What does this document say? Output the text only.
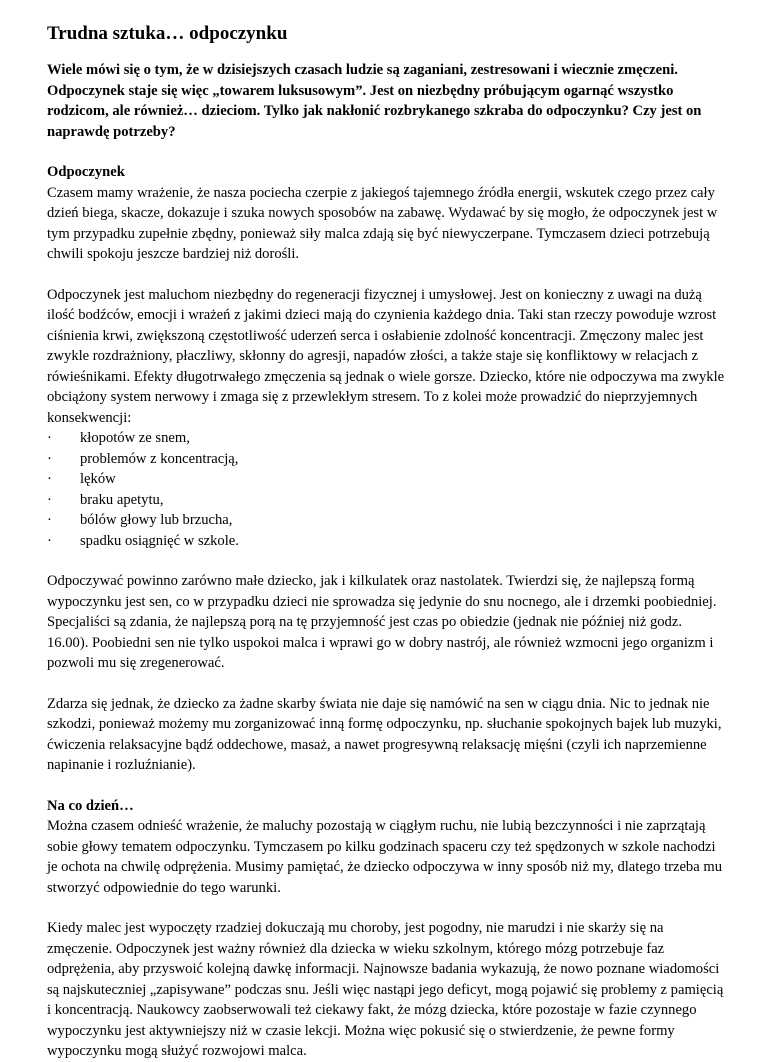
Trudna sztuka… odpoczynku

Wiele mówi się o tym, że w dzisiejszych czasach ludzie są zaganiani, zestresowani i wiecznie zmęczeni. Odpoczynek staje się więc „towarem luksusowym”. Jest on niezbędny próbującym ogarnąć wszystko rodzicom, ale również… dzieciom. Tylko jak nakłonić rozbrykanego szkraba do odpoczynku? Czy jest on naprawdę potrzeby?

Odpoczynek

Czasem mamy wrażenie, że nasza pociecha czerpie z jakiegoś tajemnego źródła energii, wskutek czego przez cały dzień biega, skacze, dokazuje i szuka nowych sposobów na zabawę. Wydawać by się mogło, że odpoczynek jest w tym przypadku zupełnie zbędny, ponieważ siły malca zdają się być niewyczerpane. Tymczasem dzieci potrzebują chwili spokoju jeszcze bardziej niż dorośli.

Odpoczynek jest maluchom niezbędny do regeneracji fizycznej i umysłowej. Jest on konieczny z uwagi na dużą ilość bodźców, emocji i wrażeń z jakimi dzieci mają do czynienia każdego dnia. Taki stan rzeczy powoduje wzrost ciśnienia krwi, zwiększoną częstotliwość uderzeń serca i osłabienie zdolność koncentracji. Zmęczony malec jest zwykle rozdrażniony, płaczliwy, skłonny do agresji, napadów złości, a także staje się konfliktowy w relacjach z rówieśnikami. Efekty długotrwałego zmęczenia są jednak o wiele gorsze. Dziecko, które nie odpoczywa ma zwykle obciążony system nerwowy i zmaga się z przewlekłym stresem. To z kolei może prowadzić do nieprzyjemnych konsekwencji:

·	kłopotów ze snem,
·	problemów z koncentracją,
·	lęków
·	braku apetytu,
·	bólów głowy lub brzucha,
·	spadku osiągnięć w szkole.

Odpoczywać powinno zarówno małe dziecko, jak i kilkulatek oraz nastolatek. Twierdzi się, że najlepszą formą wypoczynku jest sen, co w przypadku dzieci nie sprowadza się jedynie do snu nocnego, ale i drzemki poobiedniej. Specjaliści są zdania, że najlepszą porą na tę przyjemność jest czas po obiedzie (jednak nie później niż godz. 16.00). Poobiedni sen nie tylko uspokoi malca i wprawi go w dobry nastrój, ale również wzmocni jego organizm i pozwoli mu się zregenerować.

Zdarza się jednak, że dziecko za żadne skarby świata nie daje się namówić na sen w ciągu dnia. Nic to jednak nie szkodzi, ponieważ możemy mu zorganizować inną formę odpoczynku, np. słuchanie spokojnych bajek lub muzyki, ćwiczenia relaksacyjne bądź oddechowe, masaż, a nawet progresywną relaksację mięśni (czyli ich naprzemienne napinanie i rozluźnianie).

Na co dzień…

Można czasem odnieść wrażenie, że maluchy pozostają w ciągłym ruchu, nie lubią bezczynności i nie zaprzątają sobie głowy tematem odpoczynku. Tymczasem po kilku godzinach spaceru czy też spędzonych w szkole nachodzi je ochota na chwilę odprężenia. Musimy pamiętać, że dziecko odpoczywa w inny sposób niż my, dlatego trzeba mu stworzyć odpowiednie do tego warunki.

Kiedy malec jest wypoczęty rzadziej dokuczają mu choroby, jest pogodny, nie marudzi i nie skarży się na zmęczenie. Odpoczynek jest ważny również dla dziecka w wieku szkolnym, którego mózg potrzebuje faz odprężenia, aby przyswoić kolejną dawkę informacji. Najnowsze badania wykazują, że nowo poznane wiadomości są najskuteczniej „zapisywane” podczas snu. Jeśli więc nastąpi jego deficyt, mogą pojawić się problemy z pamięcią i koncentracją. Naukowcy zaobserwowali też ciekawy fakt, że mózg dziecka, które pozostaje w fazie czynnego wypoczynku jest aktywniejszy niż w czasie lekcji. Można więc pokusić się o stwierdzenie, że pewne formy wypoczynku mogą służyć rozwojowi malca.
